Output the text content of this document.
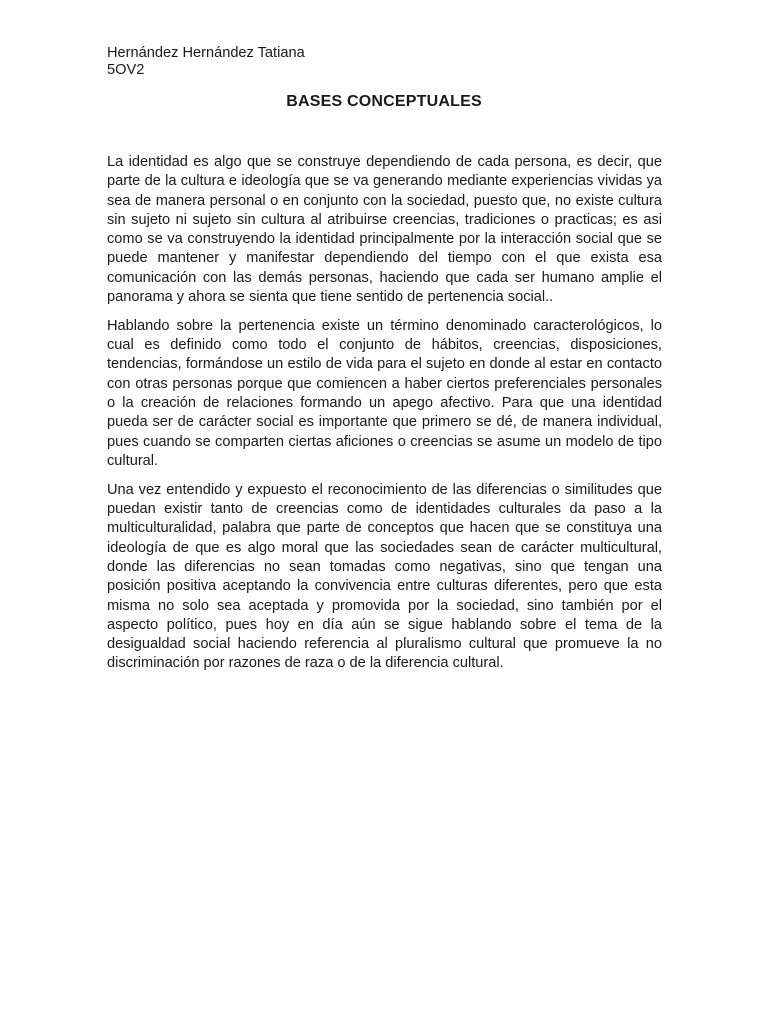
Hernández Hernández Tatiana
5OV2
BASES CONCEPTUALES

La identidad es algo que se construye dependiendo de cada persona, es decir, que parte de la cultura e ideología que se va generando mediante experiencias vividas ya sea de manera personal o en conjunto con la sociedad, puesto que, no existe cultura sin sujeto ni sujeto sin cultura al atribuirse creencias, tradiciones o practicas; es asi como se va construyendo la identidad principalmente por la interacción social que se puede mantener y manifestar dependiendo del tiempo con el que exista esa comunicación con las demás personas, haciendo que cada ser humano amplie el panorama y ahora se sienta que tiene sentido de pertenencia social..

Hablando sobre la pertenencia existe un término denominado caracterológicos, lo cual es definido como todo el conjunto de hábitos, creencias, disposiciones, tendencias, formándose un estilo de vida para el sujeto en donde al estar en contacto con otras personas porque que comiencen a haber ciertos preferenciales personales o la creación de relaciones formando un apego afectivo. Para que una identidad pueda ser de carácter social es importante que primero se dé, de manera individual, pues cuando se comparten ciertas aficiones o creencias se asume un modelo de tipo cultural.

Una vez entendido y expuesto el reconocimiento de las diferencias o similitudes que puedan existir tanto de creencias como de identidades culturales da paso a la multiculturalidad, palabra que parte de conceptos que hacen que se constituya una ideología de que es algo moral que las sociedades sean de carácter multicultural, donde las diferencias no sean tomadas como negativas, sino que tengan una posición positiva aceptando la convivencia entre culturas diferentes, pero que esta misma no solo sea aceptada y promovida por la sociedad, sino también por el aspecto político, pues hoy en día aún se sigue hablando sobre el tema de la desigualdad social haciendo referencia al pluralismo cultural que promueve la no discriminación por razones de raza o de la diferencia cultural.
